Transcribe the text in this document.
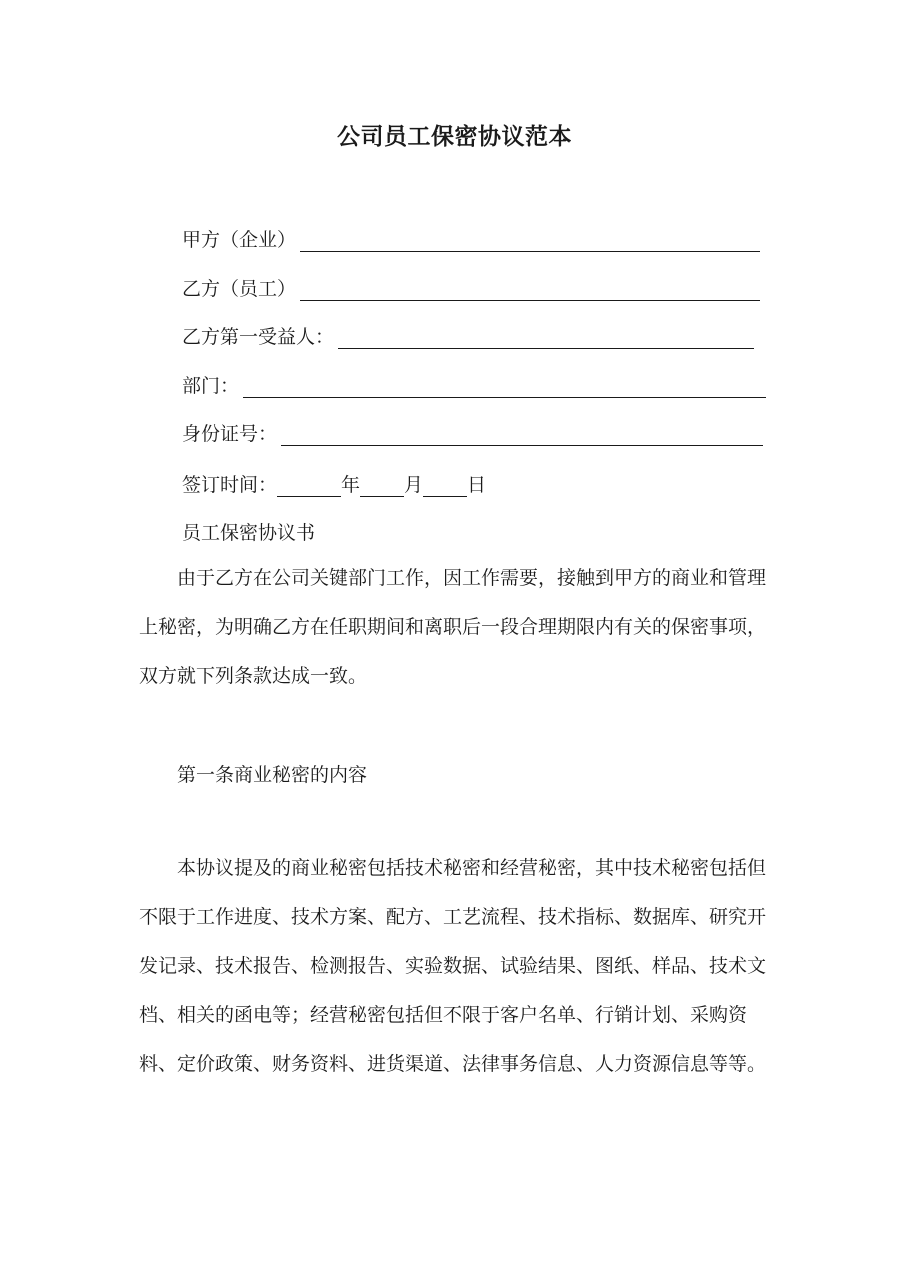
公司员工保密协议范本
甲方（企业）
乙方（员工）
乙方第一受益人：
部门：
身份证号：
签订时间：	年 月 日
员工保密协议书
由于乙方在公司关键部门工作，因工作需要，接触到甲方的商业和管理上秘密，为明确乙方在任职期间和离职后一段合理期限内有关的保密事项，双方就下列条款达成一致。
第一条商业秘密的内容
本协议提及的商业秘密包括技术秘密和经营秘密，其中技术秘密包括但不限于工作进度、技术方案、配方、工艺流程、技术指标、数据库、研究开发记录、技术报告、检测报告、实验数据、试验结果、图纸、样品、技术文档、相关的函电等；经营秘密包括但不限于客户名单、行销计划、采购资料、定价政策、财务资料、进货渠道、法律事务信息、人力资源信息等等。
